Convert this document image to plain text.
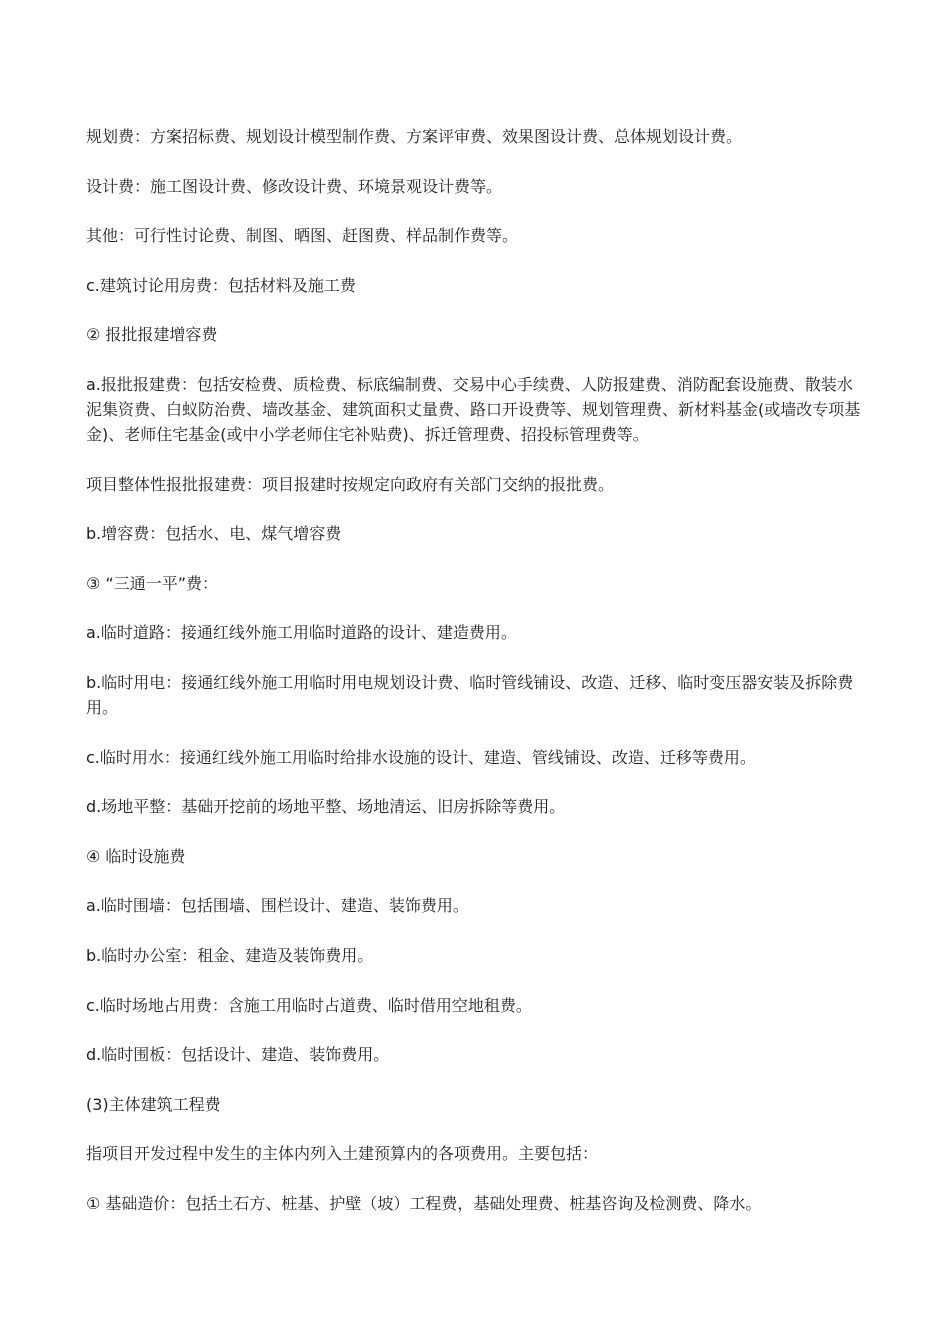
规划费：方案招标费、规划设计模型制作费、方案评审费、效果图设计费、总体规划设计费。

设计费：施工图设计费、修改设计费、环境景观设计费等。

其他：可行性讨论费、制图、晒图、赶图费、样品制作费等。

c.建筑讨论用房费：包括材料及施工费

② 报批报建增容费

a.报批报建费：包括安检费、质检费、标底编制费、交易中心手续费、人防报建费、消防配套设施费、散装水泥集资费、白蚁防治费、墙改基金、建筑面积丈量费、路口开设费等、规划管理费、新材料基金(或墙改专项基金)、老师住宅基金(或中小学老师住宅补贴费)、拆迁管理费、招投标管理费等。

项目整体性报批报建费：项目报建时按规定向政府有关部门交纳的报批费。

b.增容费：包括水、电、煤气增容费

③ “三通一平”费：

a.临时道路：接通红线外施工用临时道路的设计、建造费用。

b.临时用电：接通红线外施工用临时用电规划设计费、临时管线铺设、改造、迁移、临时变压器安装及拆除费用。

c.临时用水：接通红线外施工用临时给排水设施的设计、建造、管线铺设、改造、迁移等费用。

d.场地平整：基础开挖前的场地平整、场地清运、旧房拆除等费用。

④ 临时设施费

a.临时围墙：包括围墙、围栏设计、建造、装饰费用。

b.临时办公室：租金、建造及装饰费用。

c.临时场地占用费：含施工用临时占道费、临时借用空地租费。

d.临时围板：包括设计、建造、装饰费用。

(3)主体建筑工程费

指项目开发过程中发生的主体内列入土建预算内的各项费用。主要包括：

① 基础造价：包括土石方、桩基、护壁（坡）工程费，基础处理费、桩基咨询及检测费、降水。
